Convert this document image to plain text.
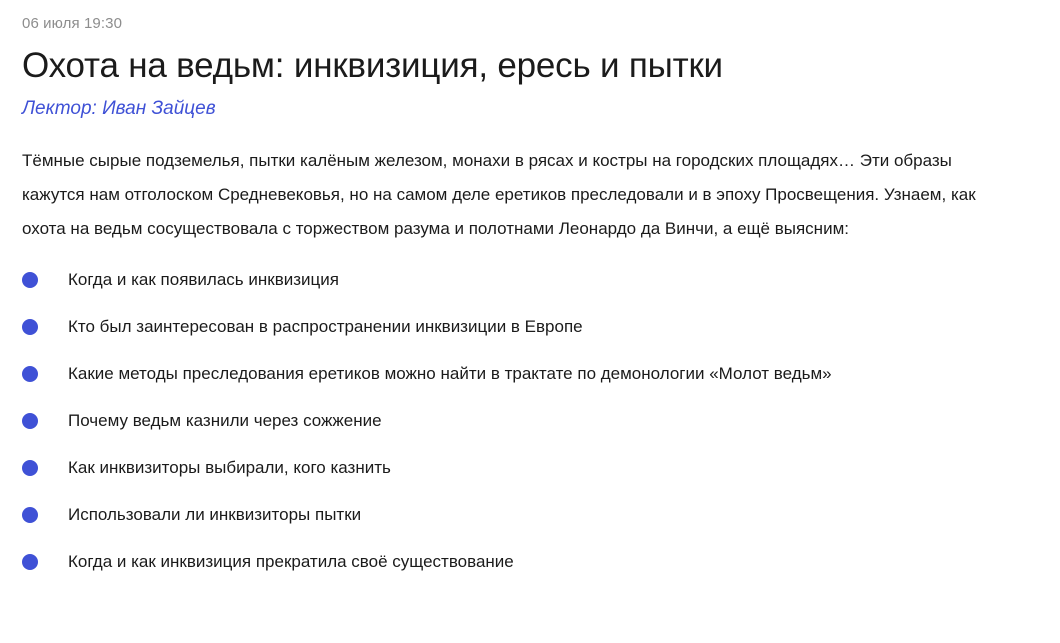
06 июля 19:30
Охота на ведьм: инквизиция, ересь и пытки
Лектор: Иван Зайцев

Тёмные сырые подземелья, пытки калёным железом, монахи в рясах и костры на городских площадях… Эти образы кажутся нам отголоском Средневековья, но на самом деле еретиков преследовали и в эпоху Просвещения. Узнаем, как охота на ведьм сосуществовала с торжеством разума и полотнами Леонардо да Винчи, а ещё выясним:

Когда и как появилась инквизиция
Кто был заинтересован в распространении инквизиции в Европе
Какие методы преследования еретиков можно найти в трактате по демонологии «Молот ведьм»
Почему ведьм казнили через сожжение
Как инквизиторы выбирали, кого казнить
Использовали ли инквизиторы пытки
Когда и как инквизиция прекратила своё существование
